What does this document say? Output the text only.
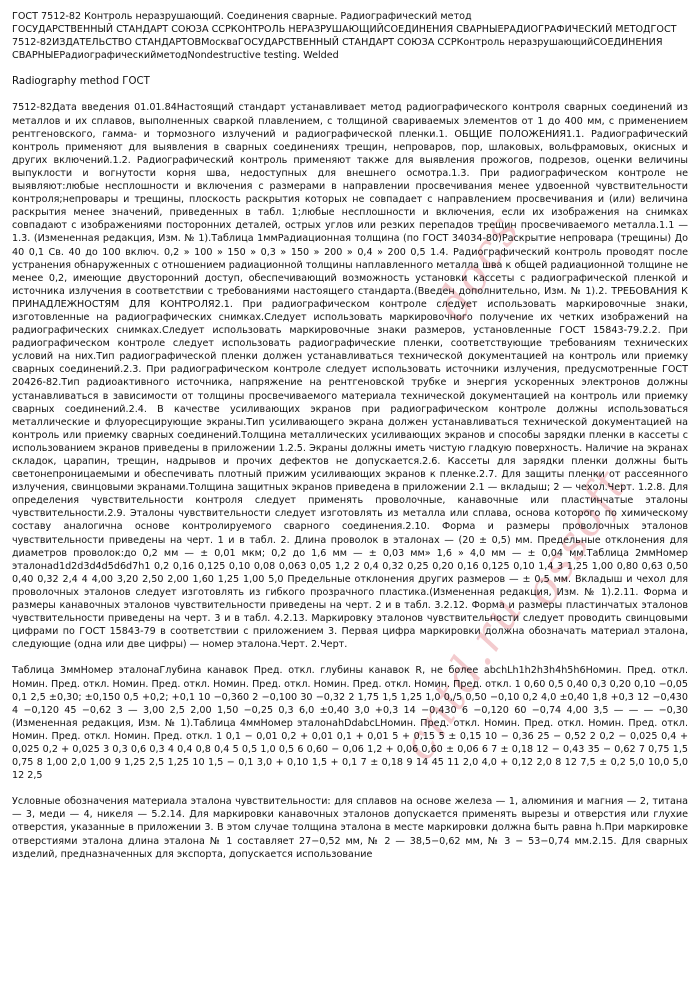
docs
ossoft
cntd.ru
ГОСТ 7512-82 Контроль неразрушающий. Соединения сварные. Радиографический метод
ГОСУДАРСТВЕННЫЙ СТАНДАРТ СОЮЗА ССРКОНТРОЛЬ НЕРАЗРУШАЮЩИЙСОЕДИНЕНИЯ СВАРНЫЕРАДИОГРАФИЧЕСКИЙ МЕТОДГОСТ 7512-82ИЗДАТЕЛЬСТВО СТАНДАРТОВМоскваГОСУДАРСТВЕННЫЙ СТАНДАРТ СОЮЗА ССРКонтроль неразрушающийСОЕДИНЕНИЯ СВАРНЫЕРадиографическийметодNondestructive testing. Welded
Radiography method ГОСТ

7512-82Дата введения 01.01.84Настоящий стандарт устанавливает метод радиографического контроля сварных соединений из металлов и их сплавов, выполненных сваркой плавлением, с толщиной свариваемых элементов от 1 до 400 мм, с применением рентгеновского, гамма- и тормозного излучений и радиографической пленки.1. ОБЩИЕ ПОЛОЖЕНИЯ1.1. Радиографический контроль применяют для выявления в сварных соединениях трещин, непроваров, пор, шлаковых, вольфрамовых, окисных и других включений.1.2. Радиографический контроль применяют также для выявления прожогов, подрезов, оценки величины выпуклости и вогнутости корня шва, недоступных для внешнего осмотра.1.3. При радиографическом контроле не выявляют:любые несплошности и включения с размерами в направлении просвечивания менее удвоенной чувствительности контроля;непровары и трещины, плоскость раскрытия которых не совпадает с направлением просвечивания и (или) величина раскрытия менее значений, приведенных в табл. 1;любые несплошности и включения, если их изображения на снимках совпадают с изображениями посторонних деталей, острых углов или резких перепадов трещин просвечиваемого металла.1.1 — 1.3. (Измененная редакция, Изм. № 1).Таблица 1ммРадиационная толщина (по ГОСТ 34034-80)Раскрытие непровара (трещины) До 40 0,1 Св. 40 до 100 включ. 0,2 » 100 » 150 » 0,3 » 150 » 200 » 0,4 » 200 0,5 1.4. Радиографический контроль проводят после устранения обнаруженных с отношением радиационной толщины наплавленного металла шва к общей радиационной толщине не менее 0,2, имеющие двусторонний доступ, обеспечивающий возможность установки кассеты с радиографической пленкой и источника излучения в соответствии с требованиями настоящего стандарта.(Введен дополнительно, Изм. № 1).2. ТРЕБОВАНИЯ К ПРИНАДЛЕЖНОСТЯМ ДЛЯ КОНТРОЛЯ2.1. При радиографическом контроле следует использовать маркировочные знаки, изготовленные на радиографических снимках.Следует использовать маркировочного получение их четких изображений на радиографических снимках.Следует использовать маркировочные знаки размеров, установленные ГОСТ 15843-79.2.2. При радиографическом контроле следует использовать радиографические пленки, соответствующие требованиям технических условий на них.Тип радиографической пленки должен устанавливаться технической документацией на контроль или приемку сварных соединений.2.3. При радиографическом контроле следует использовать источники излучения, предусмотренные ГОСТ 20426-82.Тип радиоактивного источника, напряжение на рентгеновской трубке и энергия ускоренных электронов должны устанавливаться в зависимости от толщины просвечиваемого материала технической документацией на контроль или приемку сварных соединений.2.4. В качестве усиливающих экранов при радиографическом контроле должны использоваться металлические и флуоресцирующие экраны.Тип усиливающего экрана должен устанавливаться технической документацией на контроль или приемку сварных соединений.Толщина металлических усиливающих экранов и способы зарядки пленки в кассеты с использованием экранов приведены в приложении 1.2.5. Экраны должны иметь чистую гладкую поверхность. Наличие на экранах складок, царапин, трещин, надрывов и прочих дефектов не допускается.2.6. Кассеты для зарядки пленки должны быть светонепроницаемыми и обеспечивать плотный прижим усиливающих экранов к пленке.2.7. Для защиты пленки от рассеянного излучения, свинцовыми экранами.Толщина защитных экранов приведена в приложении 2.1 — вкладыш; 2 — чехол.Черт. 1.2.8. Для определения чувствительности контроля следует применять проволочные, канавочные или пластинчатые эталоны чувствительности.2.9. Эталоны чувствительности следует изготовлять из металла или сплава, основа которого по химическому составу аналогична основе контролируемого сварного соединения.2.10. Форма и размеры проволочных эталонов чувствительности приведены на черт. 1 и в табл. 2. Длина проволок в эталонах — (20 ± 0,5) мм. Предельные отклонения для диаметров проволок:до 0,2 мм — ± 0,01 мкм; 0,2 до 1,6 мм — ± 0,03 мм» 1,6 » 4,0 мм — ± 0,04 мм.Таблица 2ммНомер эталонаd1d2d3d4d5d6d7h1 0,2 0,16 0,125 0,10 0,08 0,063 0,05 1,2 2 0,4 0,32 0,25 0,20 0,16 0,125 0,10 1,4 3 1,25 1,00 0,80 0,63 0,50 0,40 0,32 2,4 4 4,00 3,20 2,50 2,00 1,60 1,25 1,00 5,0 Предельные отклонения других размеров — ± 0,5 мм. Вкладыш и чехол для проволочных эталонов следует изготовлять из гибкого прозрачного пластика.(Измененная редакция, Изм. № 1).2.11. Форма и размеры канавочных эталонов чувствительности приведены на черт. 2 и в табл. 3.2.12. Форма и размеры пластинчатых эталонов чувствительности приведены на черт. 3 и в табл. 4.2.13. Маркировку эталонов чувствительности следует проводить свинцовыми цифрами по ГОСТ 15843-79 в соответствии с приложением 3. Первая цифра маркировки должна обозначать материал эталона, следующие (одна или две цифры) — номер эталона.Черт. 2.Черт.

Таблица 3ммНомер эталонаГлубина канавок Пред. откл. глубины канавок R, не более abchLh1h2h3h4h5h6Номин. Пред. откл. Номин. Пред. откл. Номин. Пред. откл. Номин. Пред. откл. Номин. Пред. откл. Номин. Пред. откл. 1 0,60 0,5 0,40 0,3 0,20 0,10 −0,05 0,1 2,5 ±0,30; ±0,150 0,5 +0,2; +0,1 10 −0,360 2 −0,100 30 −0,32 2 1,75 1,5 1,25 1,0 0,/5 0,50 −0,10 0,2 4,0 ±0,40 1,8 +0,3 12 −0,430 4 −0,120 45 −0,62 3 — 3,00 2,5 2,00 1,50 −0,25 0,3 6,0 ±0,40 3,0 +0,3 14 −0,430 6 −0,120 60 −0,74 4,00 3,5 — — — −0,30 (Измененная редакция, Изм. № 1).Таблица 4ммНомер эталонаhDdabcLHомин. Пред. откл. Номин. Пред. откл. Номин. Пред. откл. Номин. Пред. откл. Номин. Пред. откл. 1 0,1 − 0,01 0,2 + 0,01 0,1 + 0,01 5 + 0,15 5 ± 0,15 10 − 0,36 25 − 0,52 2 0,2 − 0,025 0,4 + 0,025 0,2 + 0,025 3 0,3 0,6 0,3 4 0,4 0,8 0,4 5 0,5 1,0 0,5 6 0,60 − 0,06 1,2 + 0,06 0,60 ± 0,06 6 7 ± 0,18 12 − 0,43 35 − 0,62 7 0,75 1,5 0,75 8 1,00 2,0 1,00 9 1,25 2,5 1,25 10 1,5 − 0,1 3,0 + 0,10 1,5 + 0,1 7 ± 0,18 9 14 45 11 2,0 4,0 + 0,12 2,0 8 12 7,5 ± 0,2 5,0 10,0 5,0 12 2,5
Условные обозначения материала эталона чувствительности: для сплавов на основе железа — 1, алюминия и магния — 2, титана — 3, меди — 4, никеля — 5.2.14. Для маркировки канавочных эталонов допускается применять вырезы и отверстия или глухие отверстия, указанные в приложении 3. В этом случае толщина эталона в месте маркировки должна быть равна h.При маркировке отверстиями эталона длина эталона № 1 составляет 27−0,52 мм, № 2 — 38,5−0,62 мм, № 3 − 53−0,74 мм.2.15. Для сварных изделий, предназначенных для экспорта, допускается использование
